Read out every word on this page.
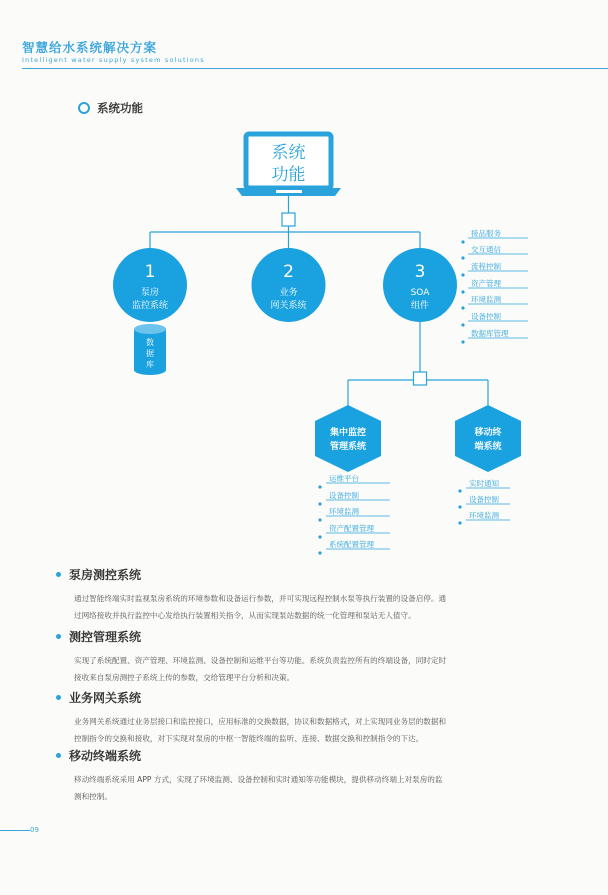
智慧给水系统解决方案
Intelligent water supply system solutions
系统功能
系统
功能
1
泵房
监控系统
2
业务
网关系统
3
SOA
组件
数
据
库
接品服务
交互通信
流程控制
资产管理
环境监测
设备控制
数据库管理
集中监控
管理系统
移动终
端系统
运维平台
设备控制
环境监测
资产配置管理
系统配置管理
实时通知
设备控制
环境监测
泵房测控系统

通过智能终端实时监视泵房系统的环境参数和设备运行参数，并可实现远程控制水泵等执行装置的设备启停。通
过网络接收并执行监控中心发给执行装置相关指令，从而实现泵站数据的统一化管理和泵站无人值守。

测控管理系统

实现了系统配置、资产管理、环境监测、设备控制和运维平台等功能。系统负责监控所有的终端设备，同时定时
接收来自泵房测控子系统上传的参数，交给管理平台分析和决策。

业务网关系统

业务网关系统通过业务层接口和监控接口，应用标准的交换数据，协议和数据格式，对上实现同业务层的数据和
控制指令的交换和接收，对下实现对泵房的中枢一智能终端的监听、连接、数据交换和控制指令的下达。

移动终端系统

移动终端系统采用 APP 方式，实现了环境监测、设备控制和实时通知等功能模块，提供移动终端上对泵房的监
测和控制。

09
